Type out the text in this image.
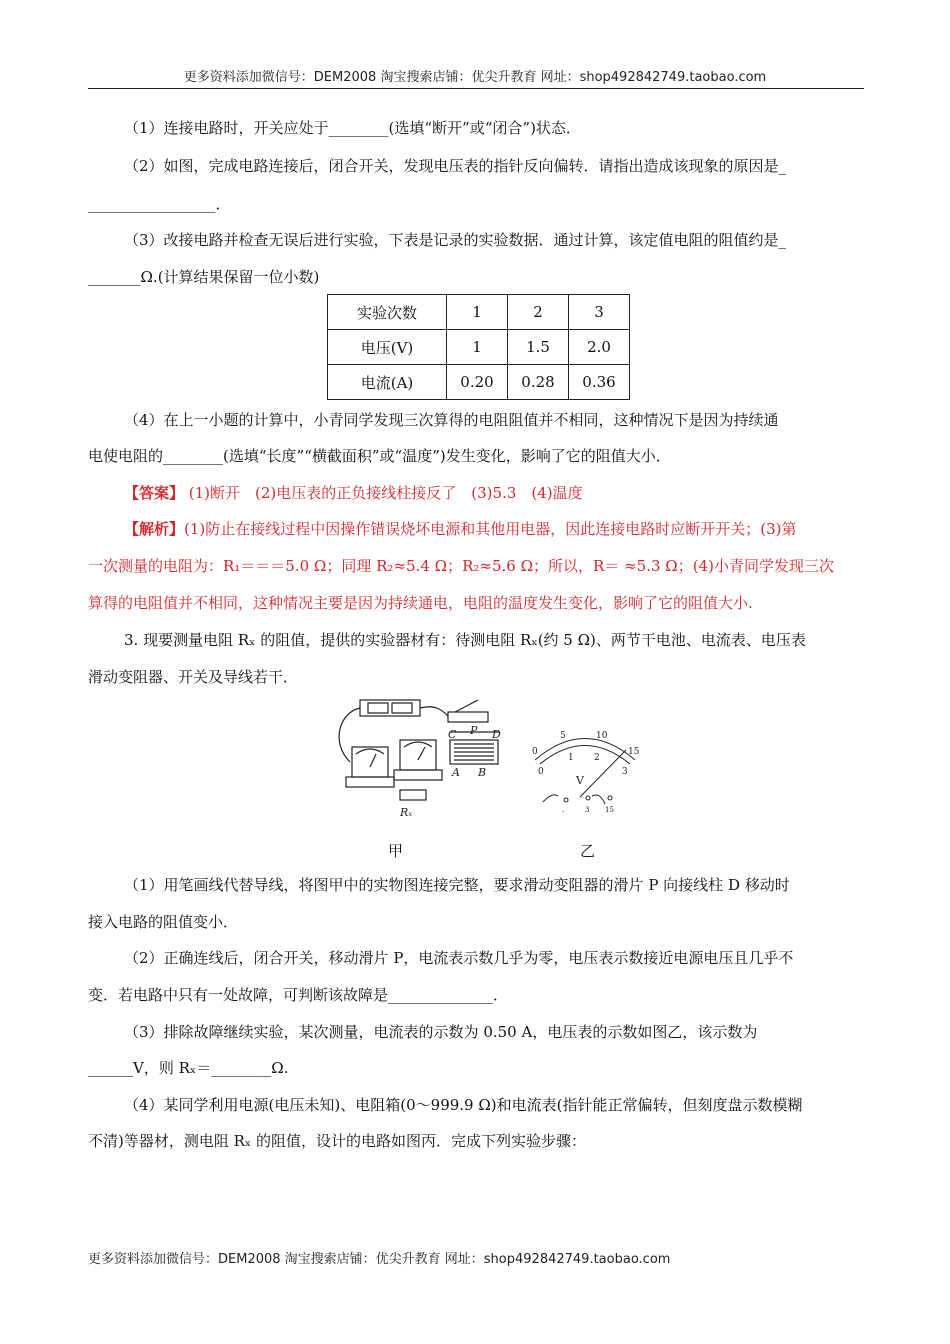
更多资料添加微信号：DEM2008 淘宝搜索店铺：优尖升教育 网址：shop492842749.taobao.com
（1）连接电路时，开关应处于________(选填“断开”或“闭合”)状态．
（2）如图，完成电路连接后，闭合开关，发现电压表的指针反向偏转．请指出造成该现象的原因是_
_________________．
（3）改接电路并检查无误后进行实验，下表是记录的实验数据．通过计算，该定值电阻的阻值约是_
_______Ω.(计算结果保留一位小数)
实验次数	1	2	3
电压(V)	1	1.5	2.0
电流(A)	0.20	0.28	0.36
（4）在上一小题的计算中，小青同学发现三次算得的电阻阻值并不相同，这种情况下是因为持续通
电使电阻的________(选填“长度”“横截面积”或“温度”)发生变化，影响了它的阻值大小．
【答案】 (1)断开　(2)电压表的正负接线柱接反了　(3)5.3　(4)温度
【解析】(1)防止在接线过程中因操作错误烧坏电源和其他用电器，因此连接电路时应断开开关；(3)第
一次测量的电阻为：R₁＝＝＝5.0 Ω；同理 R₂≈5.4 Ω；R₂≈5.6 Ω；所以，R＝ ≈5.3 Ω；(4)小青同学发现三次
算得的电阻值并不相同，这种情况主要是因为持续通电，电阻的温度发生变化，影响了它的阻值大小.
3. 现要测量电阻 Rₓ 的阻值，提供的实验器材有：待测电阻 Rₓ(约 5 Ω)、两节干电池、电流表、电压表
滑动变阻器、开关及导线若干．
C P D
A B
Rₓ
0
5	10
15
0
1 2
3
V
-	3 15
甲	乙
（1）用笔画线代替导线，将图甲中的实物图连接完整，要求滑动变阻器的滑片 P 向接线柱 D 移动时
接入电路的阻值变小．
（2）正确连线后，闭合开关，移动滑片 P，电流表示数几乎为零，电压表示数接近电源电压且几乎不
变．若电路中只有一处故障，可判断该故障是______________．
（3）排除故障继续实验，某次测量，电流表的示数为 0.50 A，电压表的示数如图乙，该示数为
______V，则 Rₓ＝________Ω.
（4）某同学利用电源(电压未知)、电阻箱(0～999.9 Ω)和电流表(指针能正常偏转，但刻度盘示数模糊
不清)等器材，测电阻 Rₓ 的阻值，设计的电路如图丙．完成下列实验步骤：
更多资料添加微信号：DEM2008 淘宝搜索店铺：优尖升教育 网址：shop492842749.taobao.com
